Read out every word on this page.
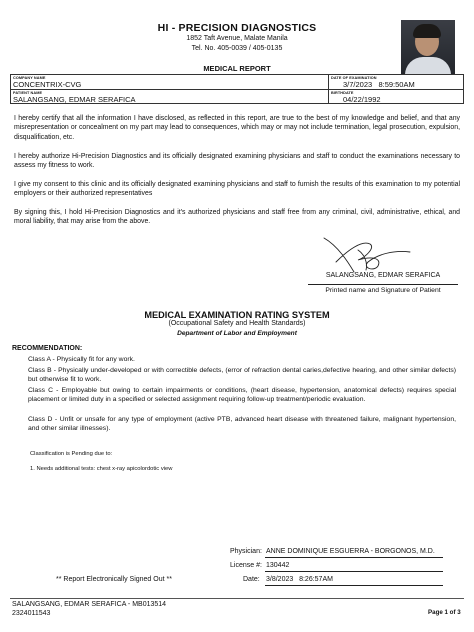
HI - PRECISION DIAGNOSTICS
1852 Taft Avenue, Malate Manila
Tel. No. 405-0039 / 405-0135
MEDICAL REPORT
COMPANY NAME
CONCENTRIX-CVG
DATE OF EXAMINATION
3/7/2023   8:59:50AM
PATIENT NAME
SALANGSANG, EDMAR SERAFICA
BIRTHDATE
04/22/1992

I hereby certify that all the information I have disclosed, as reflected in this report, are true to the best of my knowledge and belief, and that any misrepresentation or concealment on my part may lead to consequences, which may or may not include termination, legal prosecution, expulsion, disqualification, etc.

I hereby authorize Hi-Precision Diagnostics and its officially designated examining physicians and staff to conduct the examinations necessary to assess my fitness to work.

I give my consent to this clinic and its officially designated examining physicians and staff to furnish the results of this examination to my potential employers or their authorized representatives

By signing this, I hold Hi-Precision Diagnostics and it's authorized physicians and staff free from any criminal, civil, administrative, ethical, and moral liability, that may arise from the above.

SALANGSANG, EDMAR SERAFICA
Printed name and Signature of Patient
MEDICAL EXAMINATION RATING SYSTEM
(Occupational Safety and Health Standards)
Department of Labor and Employment
RECOMMENDATION:

Class A - Physically fit for any work.

Class B - Physically under-developed or with correctible defects, (error of refraction dental caries,defective hearing, and other similar defects) but otherwise fit to work.

Class C - Employable but owing to certain impairments or conditions, (heart disease, hypertension, anatomical defects) requires special placement or limited duty in a specified or selected assignment requiring follow-up treatment/periodic evaluation.

Class D - Unfit or unsafe for any type of employment (active PTB, advanced heart disease with threatened failure, malignant hypertension, and other similar illnesses).

Classification is Pending due to:
1. Needs additional tests: chest x-ray apicolordotic view
Physician: ANNE DOMINIQUE ESGUERRA - BORGONOS, M.D.
License #: 130442
** Report Electronically Signed Out **	Date: 3/8/2023   8:26:57AM
SALANGSANG, EDMAR SERAFICA - MB013514
2324011543	Page 1 of 3
